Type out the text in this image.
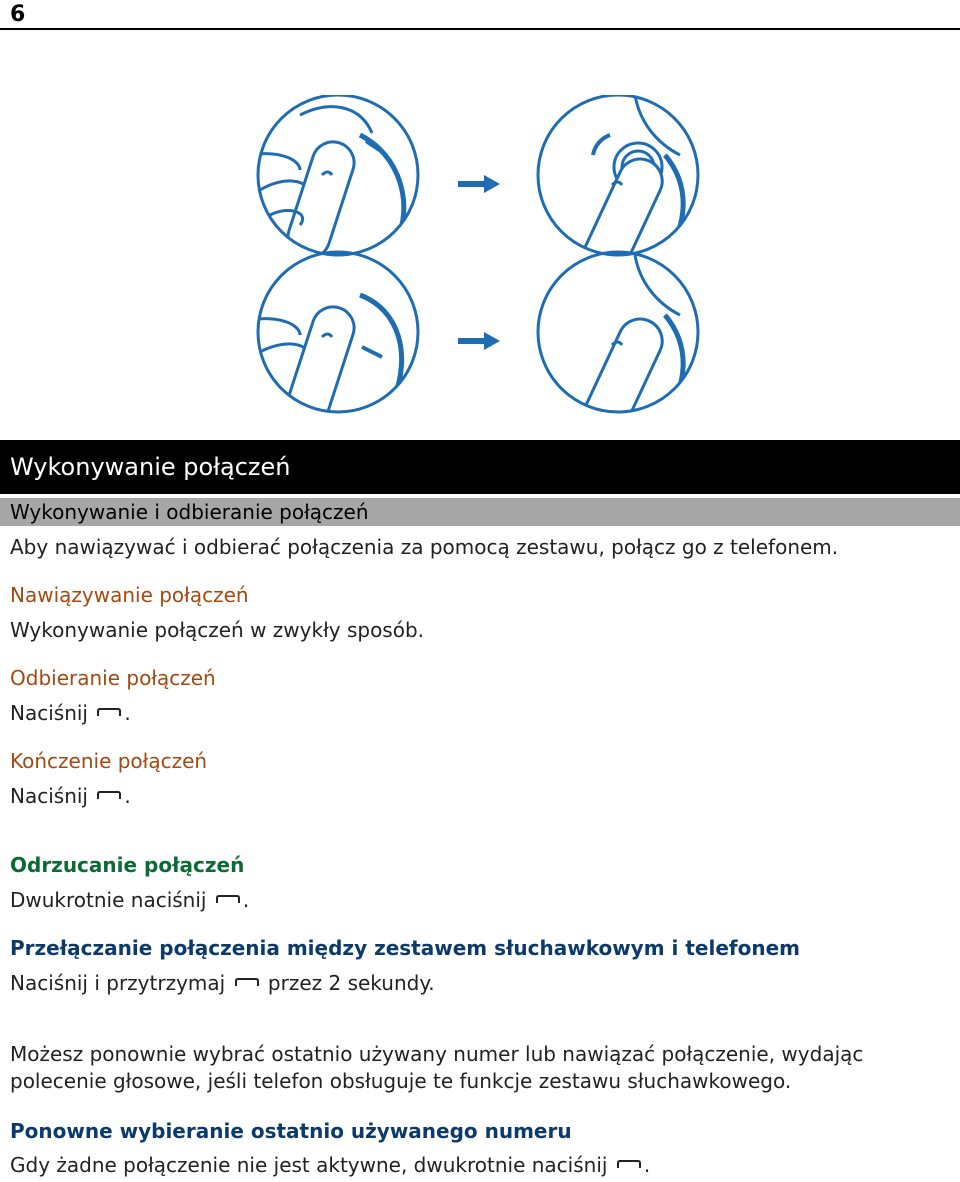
6
Wykonywanie połączeń
Wykonywanie i odbieranie połączeń
Aby nawiązywać i odbierać połączenia za pomocą zestawu, połącz go z telefonem.
Nawiązywanie połączeń
Wykonywanie połączeń w zwykły sposób.
Odbieranie połączeń
Naciśnij .
Kończenie połączeń
Naciśnij .
Odrzucanie połączeń
Dwukrotnie naciśnij .
Przełączanie połączenia między zestawem słuchawkowym i telefonem
Naciśnij i przytrzymaj przez 2 sekundy.
Możesz ponownie wybrać ostatnio używany numer lub nawiązać połączenie, wydając
polecenie głosowe, jeśli telefon obsługuje te funkcje zestawu słuchawkowego.
Ponowne wybieranie ostatnio używanego numeru
Gdy żadne połączenie nie jest aktywne, dwukrotnie naciśnij .
